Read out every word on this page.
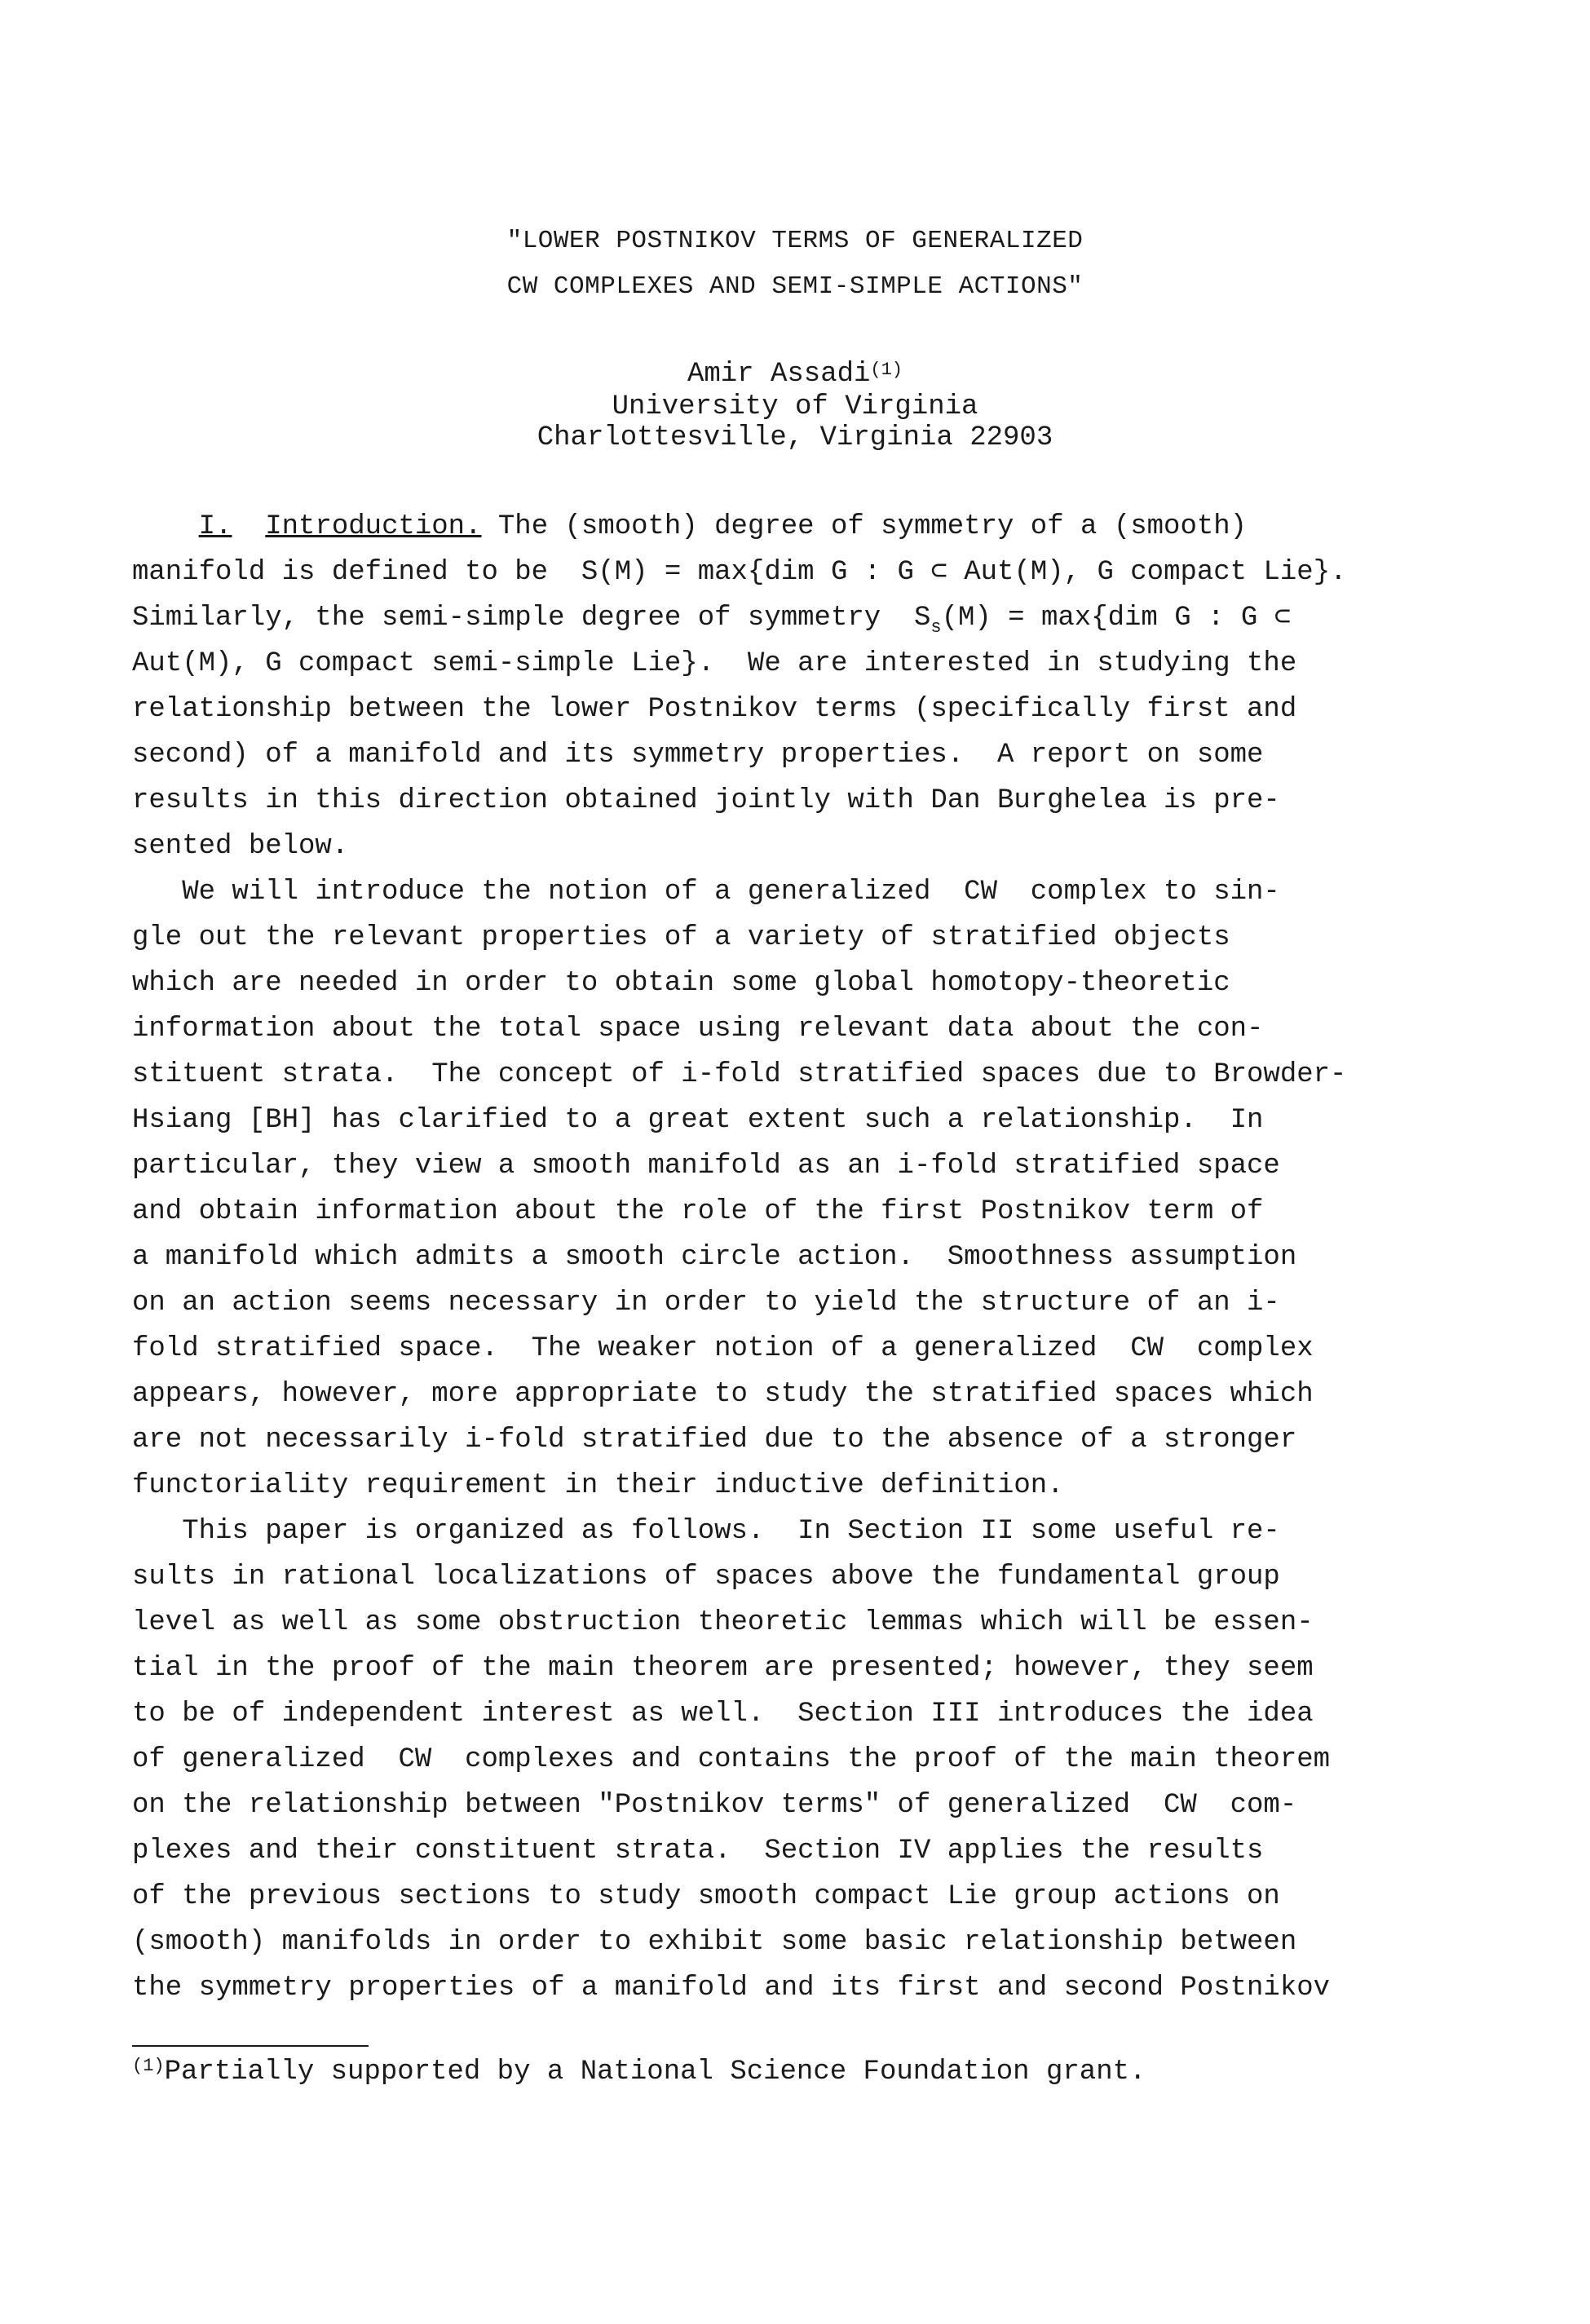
"LOWER POSTNIKOV TERMS OF GENERALIZED
CW COMPLEXES AND SEMI-SIMPLE ACTIONS"
Amir Assadi$^{(1)}$
University of Virginia
Charlottesville, Virginia 22903
I. Introduction. The (smooth) degree of symmetry of a (smooth)
manifold is defined to be  S(M) = max{dim G : G ⊂ Aut(M), G compact Lie}.
Similarly, the semi-simple degree of symmetry  $S_s(M) = \max\{dim$ G : G ⊂
Aut(M), G compact semi-simple Lie}.  We are interested in studying the
relationship between the lower Postnikov terms (specifically first and
second) of a manifold and its symmetry properties.  A report on some
results in this direction obtained jointly with Dan Burghelea is pre-
sented below.
We will introduce the notion of a generalized  CW  complex to sin-
gle out the relevant properties of a variety of stratified objects
which are needed in order to obtain some global homotopy-theoretic
information about the total space using relevant data about the con-
stituent strata.  The concept of i-fold stratified spaces due to Browder-
Hsiang [BH] has clarified to a great extent such a relationship.  In
particular, they view a smooth manifold as an i-fold stratified space
and obtain information about the role of the first Postnikov term of
a manifold which admits a smooth circle action.  Smoothness assumption
on an action seems necessary in order to yield the structure of an i-
fold stratified space.  The weaker notion of a generalized  CW  complex
appears, however, more appropriate to study the stratified spaces which
are not necessarily i-fold stratified due to the absence of a stronger
functoriality requirement in their inductive definition.
This paper is organized as follows.  In Section II some useful re-
sults in rational localizations of spaces above the fundamental group
level as well as some obstruction theoretic lemmas which will be essen-
tial in the proof of the main theorem are presented; however, they seem
to be of independent interest as well.  Section III introduces the idea
of generalized  CW  complexes and contains the proof of the main theorem
on the relationship between "Postnikov terms" of generalized  CW  com-
plexes and their constituent strata.  Section IV applies the results
of the previous sections to study smooth compact Lie group actions on
(smooth) manifolds in order to exhibit some basic relationship between
the symmetry properties of a manifold and its first and second Postnikov
$^{(1)}$Partially supported by a National Science Foundation grant.
